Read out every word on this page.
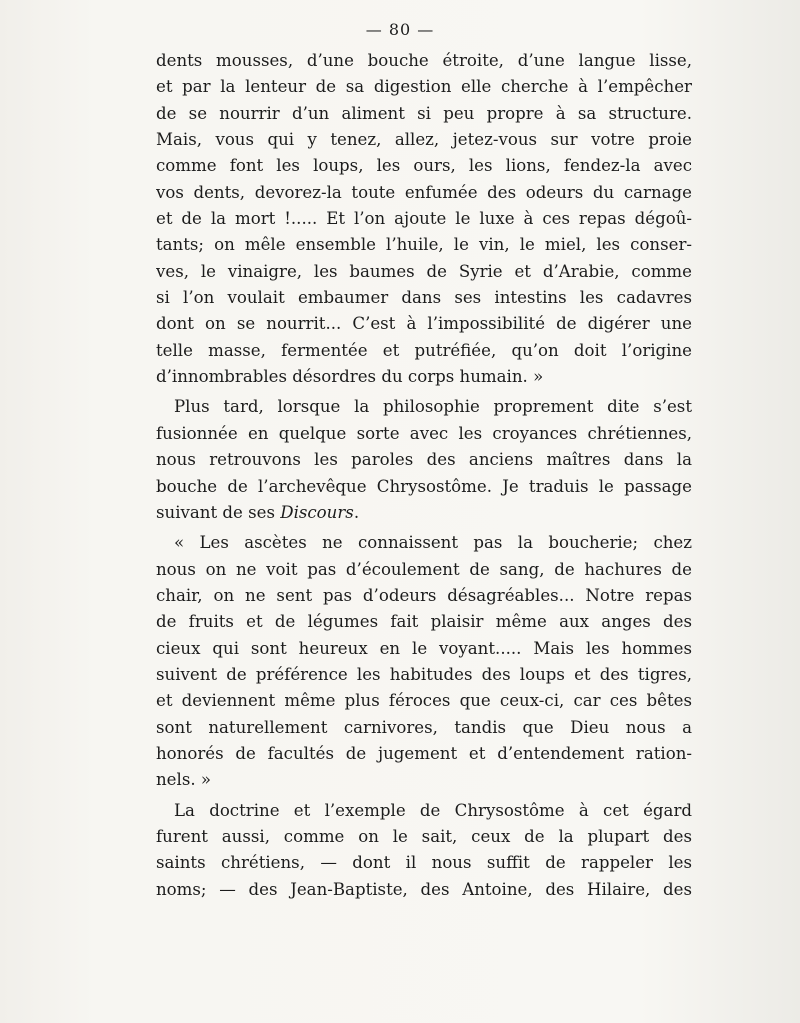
— 80 —
dents mousses, d’une bouche étroite, d’une langue lisse,
et par la lenteur de sa digestion elle cherche à l’empêcher
de se nourrir d’un aliment si peu propre à sa structure.
Mais, vous qui y tenez, allez, jetez-vous sur votre proie
comme font les loups, les ours, les lions, fendez-la avec
vos dents, devorez-la toute enfumée des odeurs du carnage
et de la mort !..... Et l’on ajoute le luxe à ces repas dégoû-
tants; on mêle ensemble l’huile, le vin, le miel, les conser-
ves, le vinaigre, les baumes de Syrie et d’Arabie, comme
si l’on voulait embaumer dans ses intestins les cadavres
dont on se nourrit... C’est à l’impossibilité de digérer une
telle masse, fermentée et putréfiée, qu’on doit l’origine
d’innombrables désordres du corps humain. »
Plus tard, lorsque la philosophie proprement dite s’est
fusionnée en quelque sorte avec les croyances chrétiennes,
nous retrouvons les paroles des anciens maîtres dans la
bouche de l’archevêque Chrysostôme. Je traduis le passage
suivant de ses Discours.
« Les ascètes ne connaissent pas la boucherie; chez
nous on ne voit pas d’écoulement de sang, de hachures de
chair, on ne sent pas d’odeurs désagréables... Notre repas
de fruits et de légumes fait plaisir même aux anges des
cieux qui sont heureux en le voyant..... Mais les hommes
suivent de préférence les habitudes des loups et des tigres,
et deviennent même plus féroces que ceux-ci, car ces bêtes
sont naturellement carnivores, tandis que Dieu nous a
honorés de facultés de jugement et d’entendement ration-
nels. »
La doctrine et l’exemple de Chrysostôme à cet égard
furent aussi, comme on le sait, ceux de la plupart des
saints chrétiens, — dont il nous suffit de rappeler les
noms; — des Jean-Baptiste, des Antoine, des Hilaire, des
